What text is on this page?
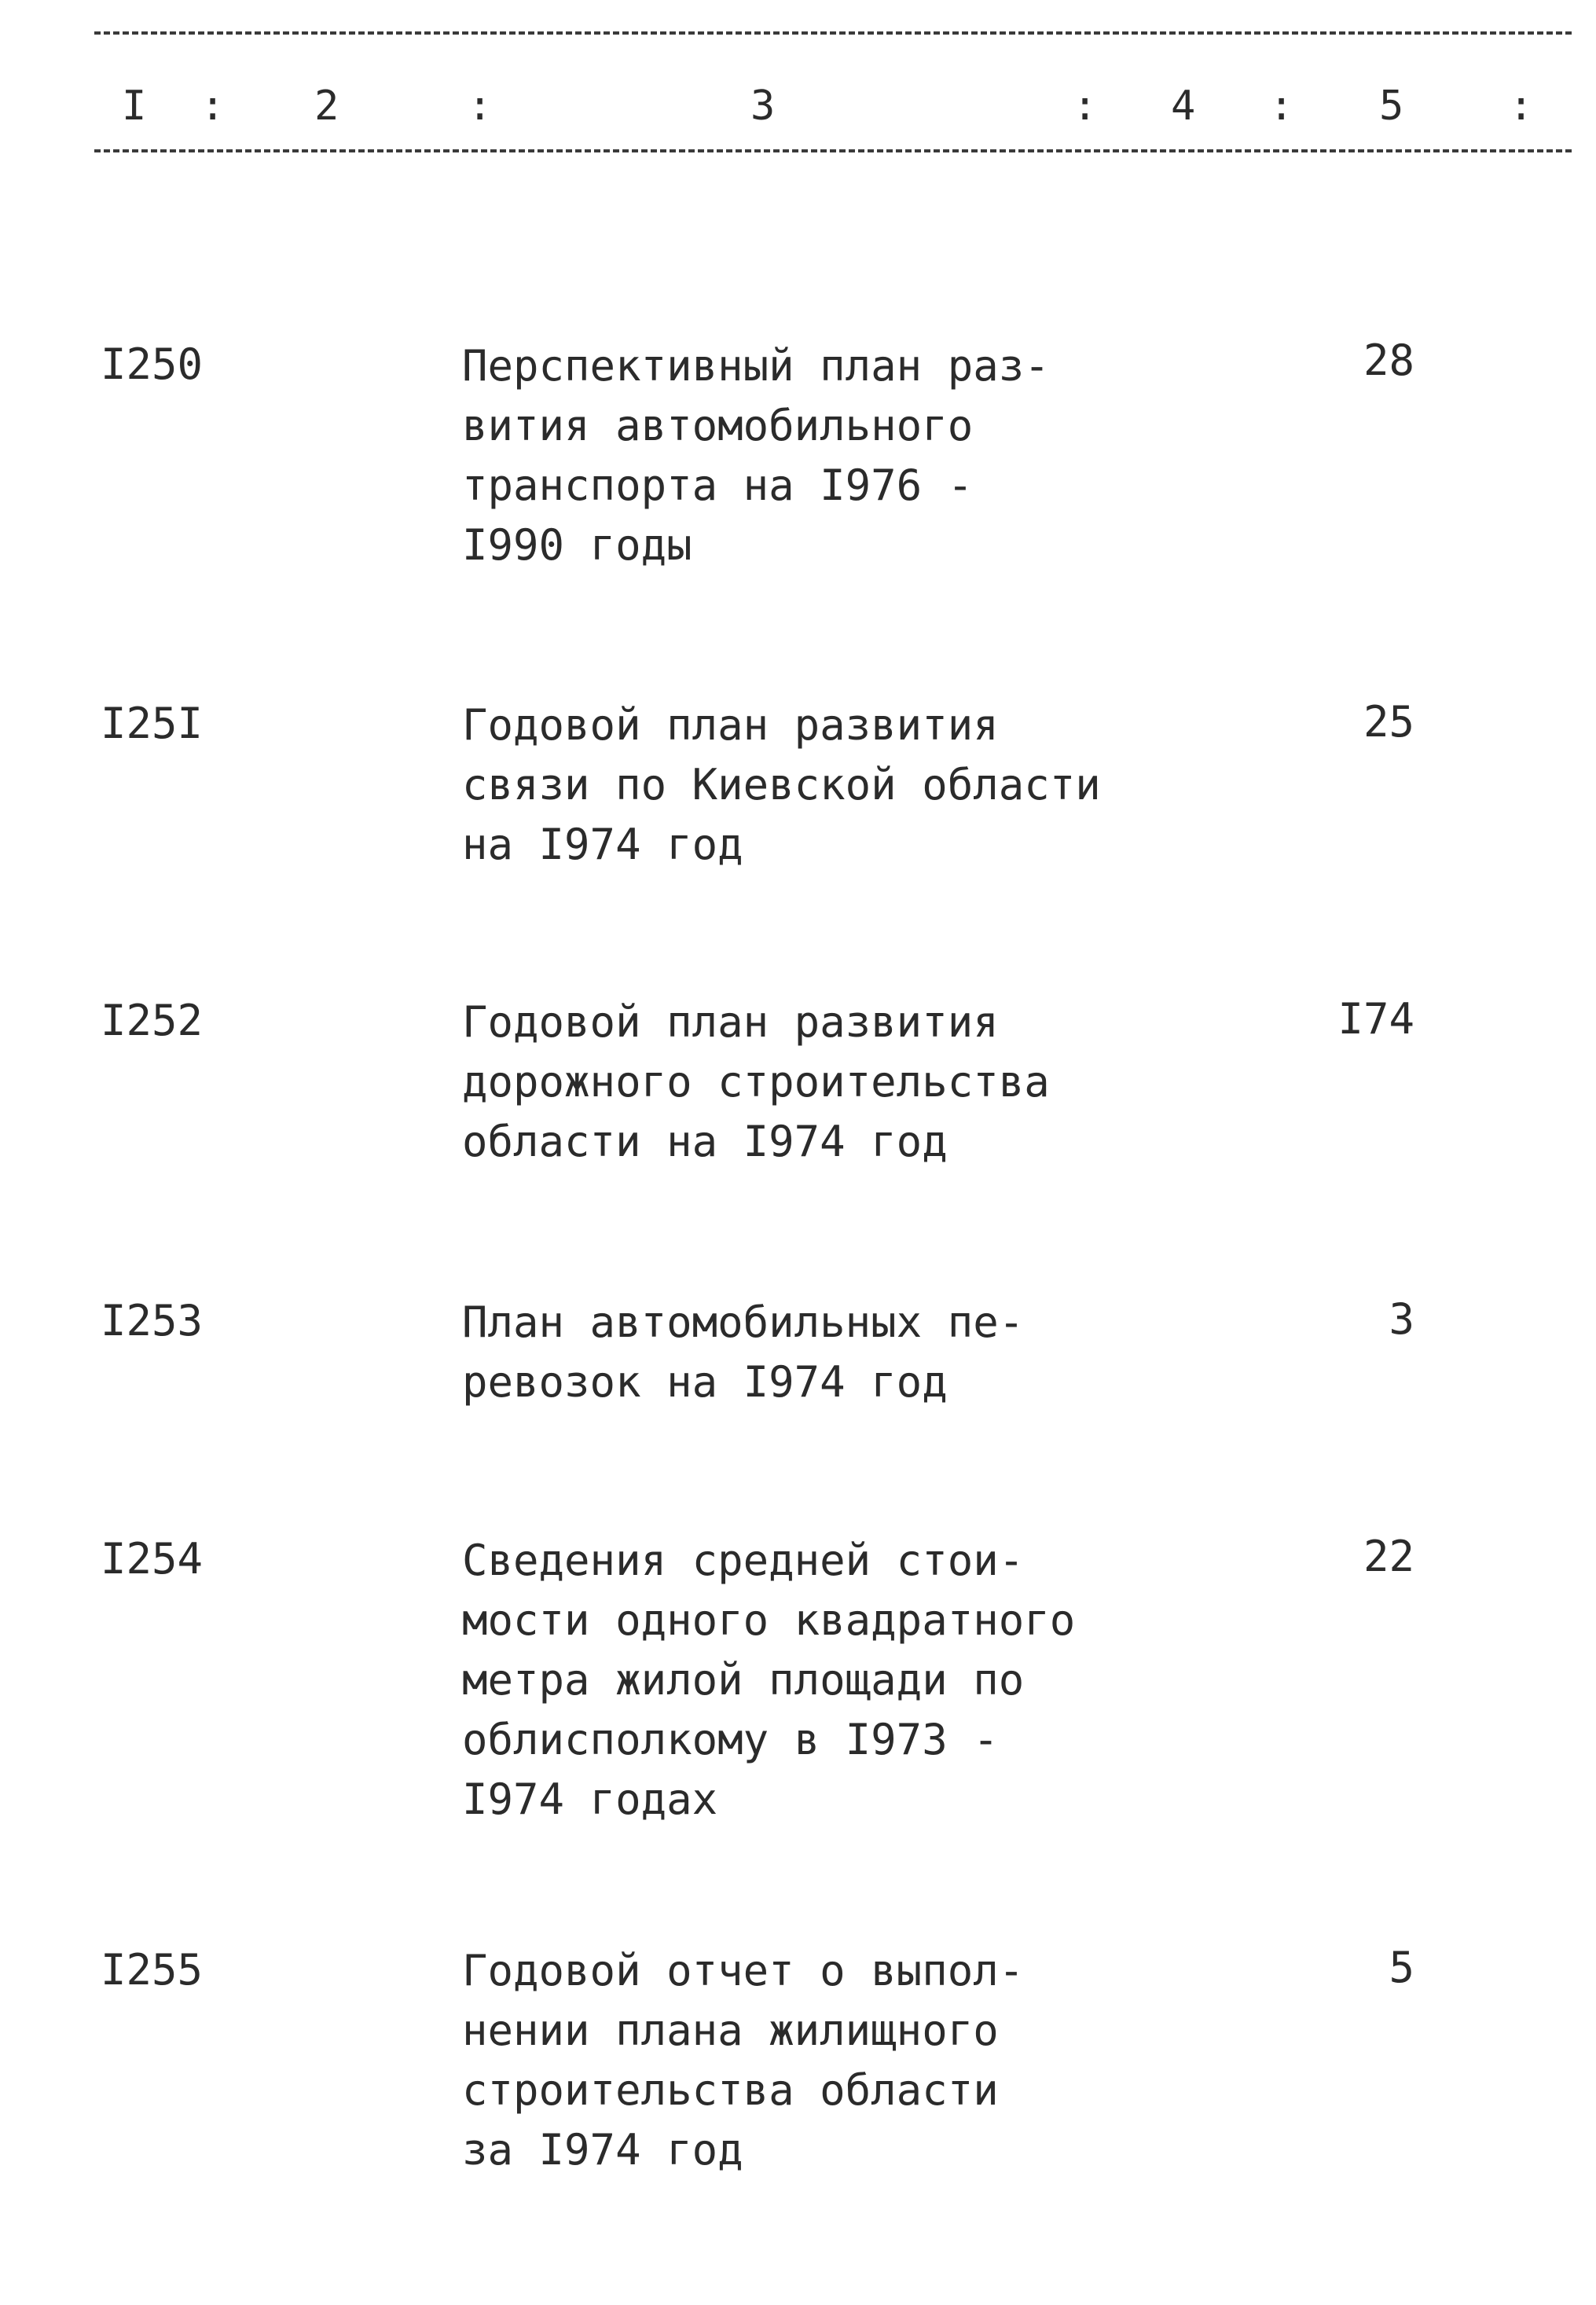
I : 2	:	3	: 4 : 5	:
I250	Перспективный план раз-
вития автомобильного
транспорта на I976 -
I990 годы
28
I25I	Годовой план развития
связи по Киевской области
на I974 год
25
I252	Годовой план развития
дорожного строительства
области на I974 год
I74
I253	План автомобильных пе-
ревозок на I974 год
3
I254	Сведения средней стои-
мости одного квадратного
метра жилой площади по
облисполкому в I973 -
I974 годах
22
I255	Годовой отчет о выпол-
нении плана жилищного
строительства области
за I974 год
5
